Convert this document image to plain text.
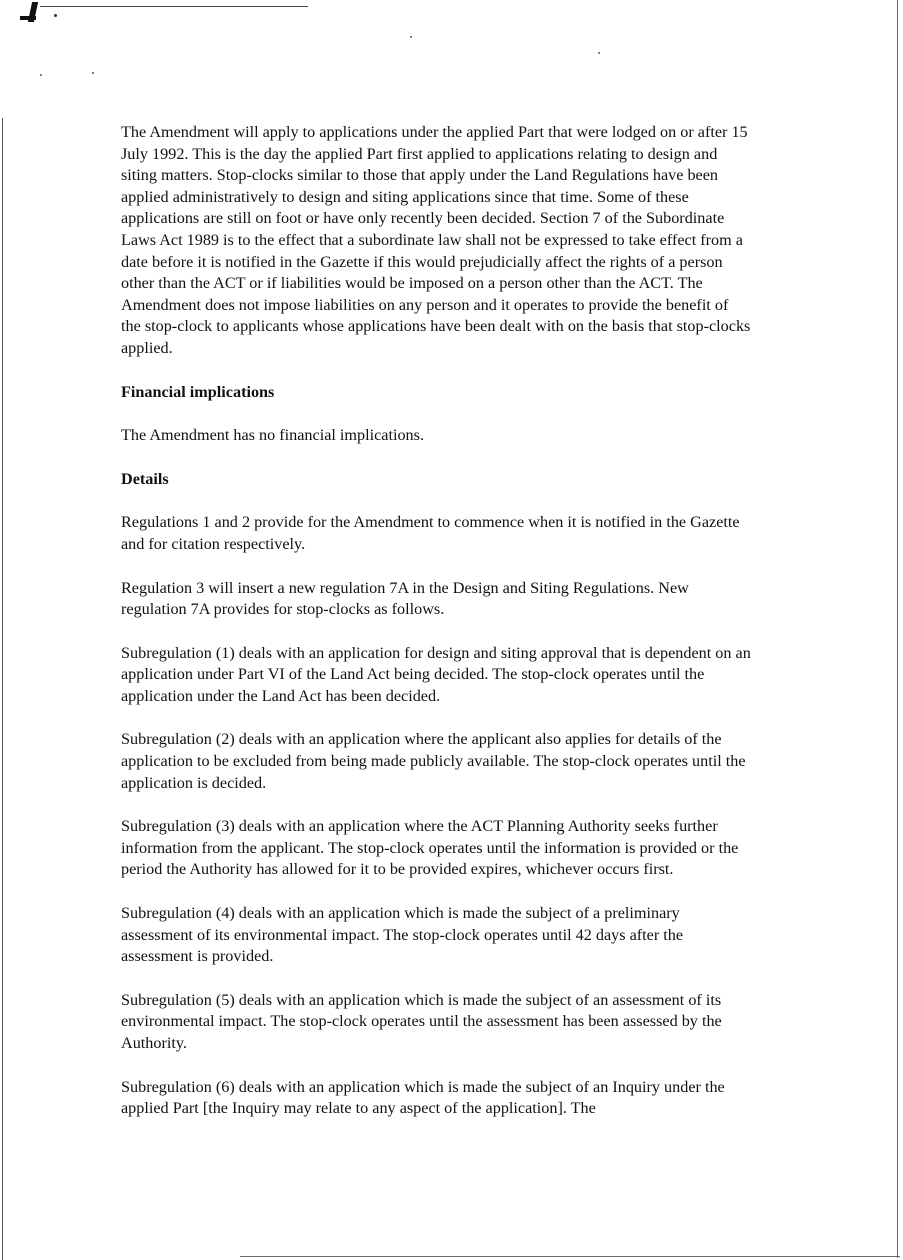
The Amendment will apply to applications under the applied Part that were lodged on or after 15 July 1992. This is the day the applied Part first applied to applications relating to design and siting matters. Stop-clocks similar to those that apply under the Land Regulations have been applied administratively to design and siting applications since that time. Some of these applications are still on foot or have only recently been decided. Section 7 of the Subordinate Laws Act 1989 is to the effect that a subordinate law shall not be expressed to take effect from a date before it is notified in the Gazette if this would prejudicially affect the rights of a person other than the ACT or if liabilities would be imposed on a person other than the ACT. The Amendment does not impose liabilities on any person and it operates to provide the benefit of the stop-clock to applicants whose applications have been dealt with on the basis that stop-clocks applied.

Financial implications

The Amendment has no financial implications.

Details

Regulations 1 and 2 provide for the Amendment to commence when it is notified in the Gazette and for citation respectively.

Regulation 3 will insert a new regulation 7A in the Design and Siting Regulations. New regulation 7A provides for stop-clocks as follows.

Subregulation (1) deals with an application for design and siting approval that is dependent on an application under Part VI of the Land Act being decided. The stop-clock operates until the application under the Land Act has been decided.

Subregulation (2) deals with an application where the applicant also applies for details of the application to be excluded from being made publicly available. The stop-clock operates until the application is decided.

Subregulation (3) deals with an application where the ACT Planning Authority seeks further information from the applicant. The stop-clock operates until the information is provided or the period the Authority has allowed for it to be provided expires, whichever occurs first.

Subregulation (4) deals with an application which is made the subject of a preliminary assessment of its environmental impact. The stop-clock operates until 42 days after the assessment is provided.

Subregulation (5) deals with an application which is made the subject of an assessment of its environmental impact. The stop-clock operates until the assessment has been assessed by the Authority.

Subregulation (6) deals with an application which is made the subject of an Inquiry under the applied Part [the Inquiry may relate to any aspect of the application]. The
